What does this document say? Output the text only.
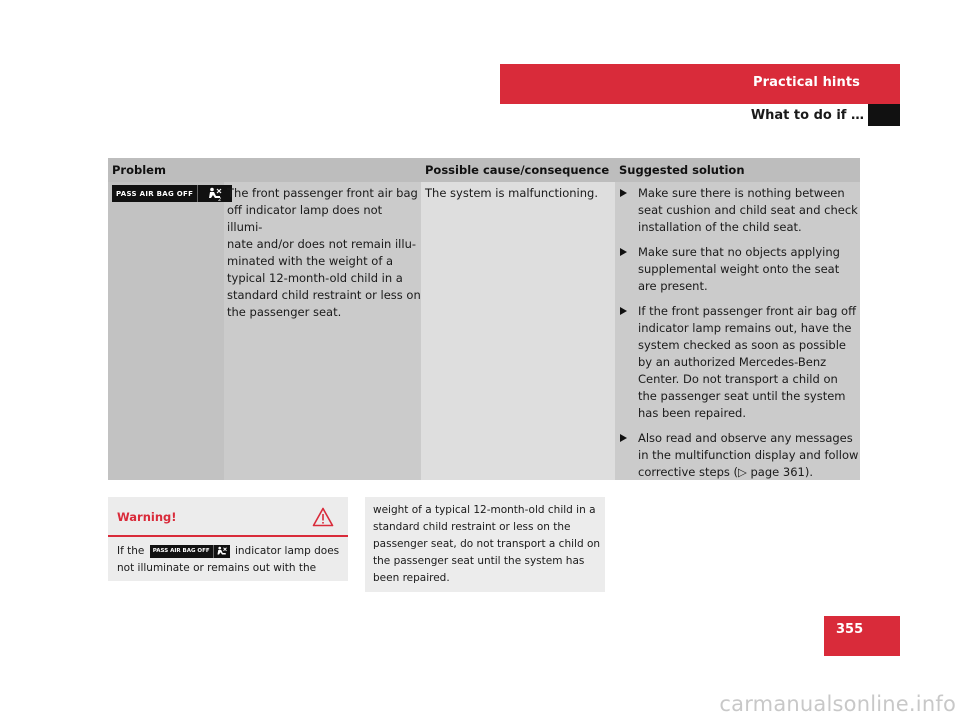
Practical hints
What to do if …
Problem	Possible cause/consequence Suggested solution
PASS AIR BAG OFF
2 The front passenger front air bag
off indicator lamp does not illumi-
nate and/or does not remain illu-
minated with the weight of a
typical 12-month-old child in a
standard child restraint or less on
the passenger seat.
The system is malfunctioning.	Make sure there is nothing between seat cushion and child seat and check installation of the child seat.
Make sure that no objects applying supplemental weight onto the seat are present.
If the front passenger front air bag off indicator lamp remains out, have the system checked as soon as possible by an authorized Mercedes-Benz Center. Do not transport a child on the passenger seat until the system has been repaired.
Also read and observe any messages in the multifunction display and follow corrective steps (▷ page 361).
Warning!
If the	PASS AIR BAG OFF indicator lamp does not illuminate or remains out with the
weight of a typical 12-month-old child in a standard child restraint or less on the passenger seat, do not transport a child on the passenger seat until the system has been repaired.
355
carmanualsonline.info
